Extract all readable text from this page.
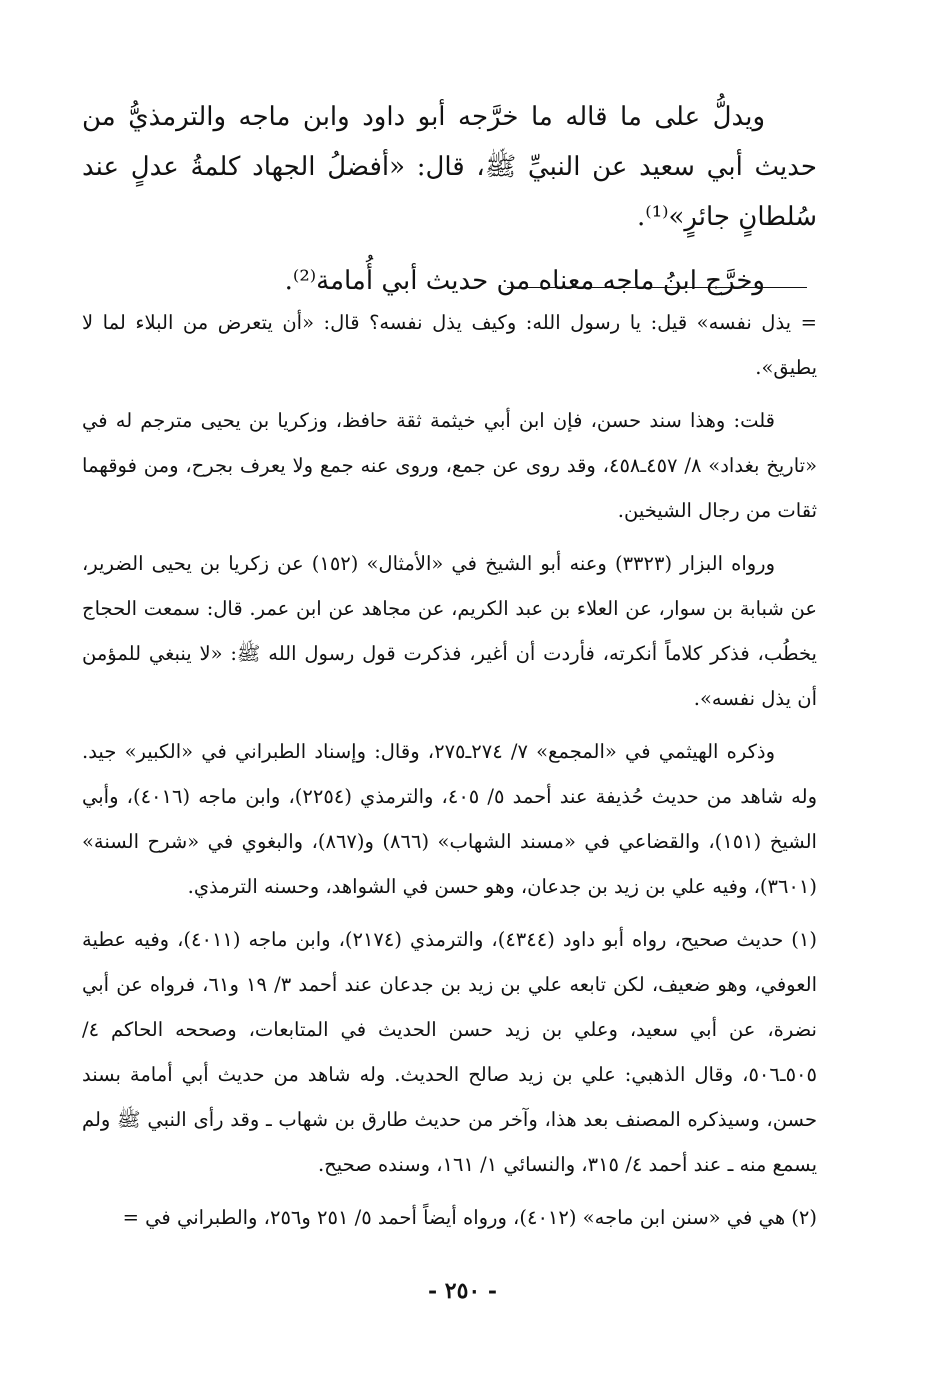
ويدلُّ على ما قاله ما خرَّجه أبو داود وابن ماجه والترمذيُّ من حديث أبي سعيد عن النبيِّ ﷺ، قال: «أفضلُ الجهاد كلمةُ عدلٍ عند سُلطانٍ جائرٍ»⁽¹⁾.

وخرَّج ابنُ ماجه معناه من حديث أبي أُمامة⁽²⁾.

= يذل نفسه» قيل: يا رسول الله: وكيف يذل نفسه؟ قال: «أن يتعرض من البلاء لما لا يطيق».

قلت: وهذا سند حسن، فإن ابن أبي خيثمة ثقة حافظ، وزكريا بن يحيى مترجم له في «تاريخ بغداد» ٨/ ٤٥٧ـ٤٥٨، وقد روى عن جمع، وروى عنه جمع ولا يعرف بجرح، ومن فوقهما ثقات من رجال الشيخين.

ورواه البزار (٣٣٢٣) وعنه أبو الشيخ في «الأمثال» (١٥٢) عن زكريا بن يحيى الضرير، عن شبابة بن سوار، عن العلاء بن عبد الكريم، عن مجاهد عن ابن عمر. قال: سمعت الحجاج يخطُب، فذكر كلاماً أنكرته، فأردت أن أغير، فذكرت قول رسول الله ﷺ: «لا ينبغي للمؤمن أن يذل نفسه».

وذكره الهيثمي في «المجمع» ٧/ ٢٧٤ـ٢٧٥، وقال: وإسناد الطبراني في «الكبير» جيد. وله شاهد من حديث حُذيفة عند أحمد ٥/ ٤٠٥، والترمذي (٢٢٥٤)، وابن ماجه (٤٠١٦)، وأبي الشيخ (١٥١)، والقضاعي في «مسند الشهاب» (٨٦٦) و(٨٦٧)، والبغوي في «شرح السنة» (٣٦٠١)، وفيه علي بن زيد بن جدعان، وهو حسن في الشواهد، وحسنه الترمذي.

(١) حديث صحيح، رواه أبو داود (٤٣٤٤)، والترمذي (٢١٧٤)، وابن ماجه (٤٠١١)، وفيه عطية العوفي، وهو ضعيف، لكن تابعه علي بن زيد بن جدعان عند أحمد ٣/ ١٩ و٦١، فرواه عن أبي نضرة، عن أبي سعيد، وعلي بن زيد حسن الحديث في المتابعات، وصححه الحاكم ٤/ ٥٠٥ـ٥٠٦، وقال الذهبي: علي بن زيد صالح الحديث. وله شاهد من حديث أبي أمامة بسند حسن، وسيذكره المصنف بعد هذا، وآخر من حديث طارق بن شهاب ـ وقد رأى النبي ﷺ ولم يسمع منه ـ عند أحمد ٤/ ٣١٥، والنسائي ١/ ١٦١، وسنده صحيح.

(٢) هي في «سنن ابن ماجه» (٤٠١٢)، ورواه أيضاً أحمد ٥/ ٢٥١ و٢٥٦، والطبراني في =

- ٢٥٠ -
